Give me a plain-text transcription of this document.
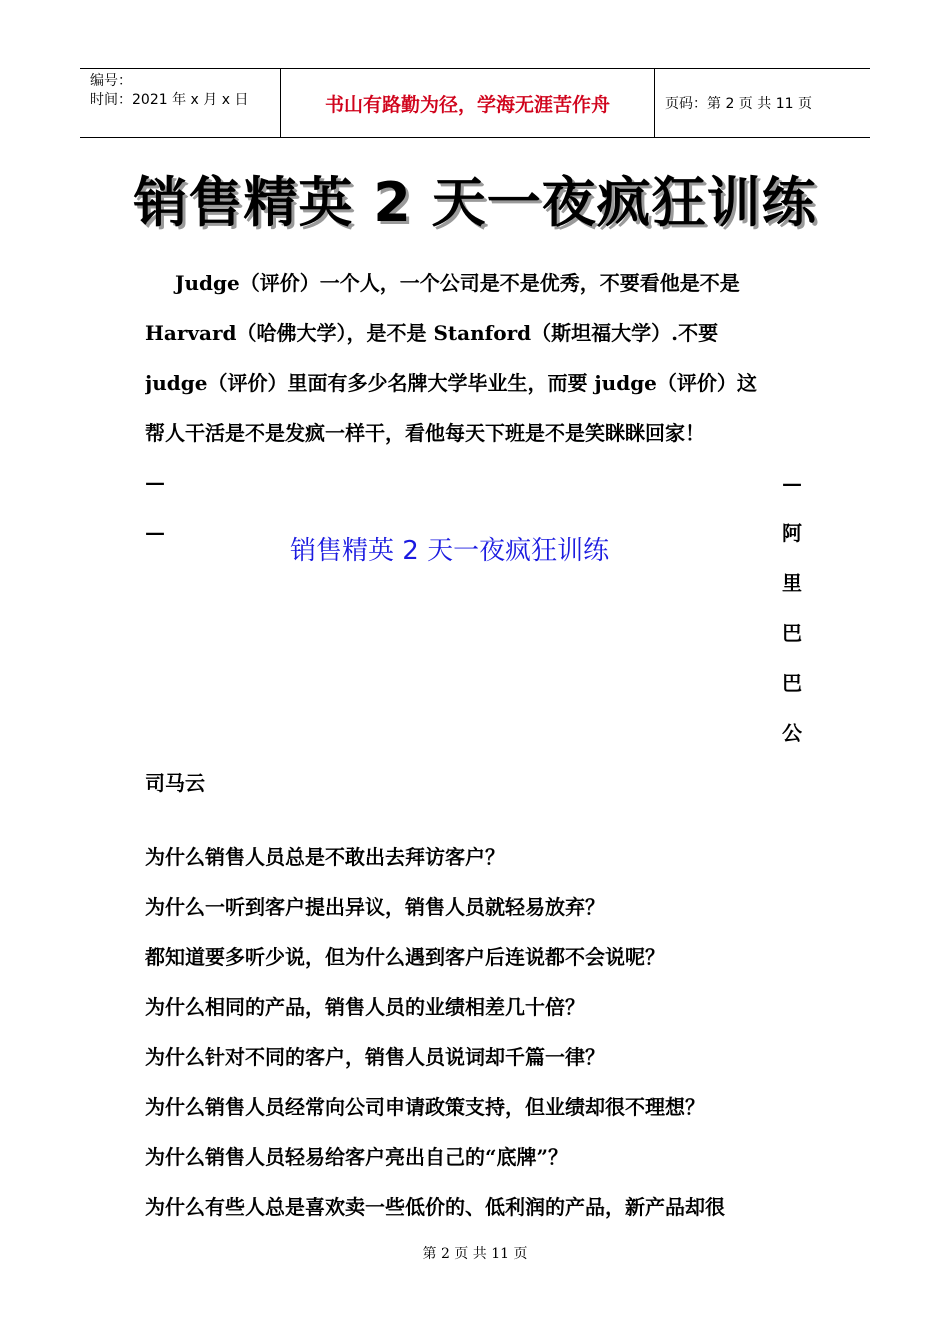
编号：
时间：2021 年 x 月 x 日	书山有路勤为径，学海无涯苦作舟	页码：第 2 页 共 11 页
销售精英 2 天一夜疯狂训练
Judge（评价）一个人，一个公司是不是优秀，不要看他是不是
Harvard（哈佛大学），是不是 Stanford（斯坦福大学）.不要
judge（评价）里面有多少名牌大学毕业生，而要 judge（评价）这
帮人干活是不是发疯一样干，看他每天下班是不是笑眯眯回家！
—
—
—
阿
里
巴
巴
公
销售精英 2 天一夜疯狂训练
司马云
为什么销售人员总是不敢出去拜访客户？
为什么一听到客户提出异议，销售人员就轻易放弃？
都知道要多听少说，但为什么遇到客户后连说都不会说呢？
为什么相同的产品，销售人员的业绩相差几十倍？
为什么针对不同的客户，销售人员说词却千篇一律？
为什么销售人员经常向公司申请政策支持，但业绩却很不理想？
为什么销售人员轻易给客户亮出自己的“底牌”？
为什么有些人总是喜欢卖一些低价的、低利润的产品，新产品却很
第 2 页 共 11 页
